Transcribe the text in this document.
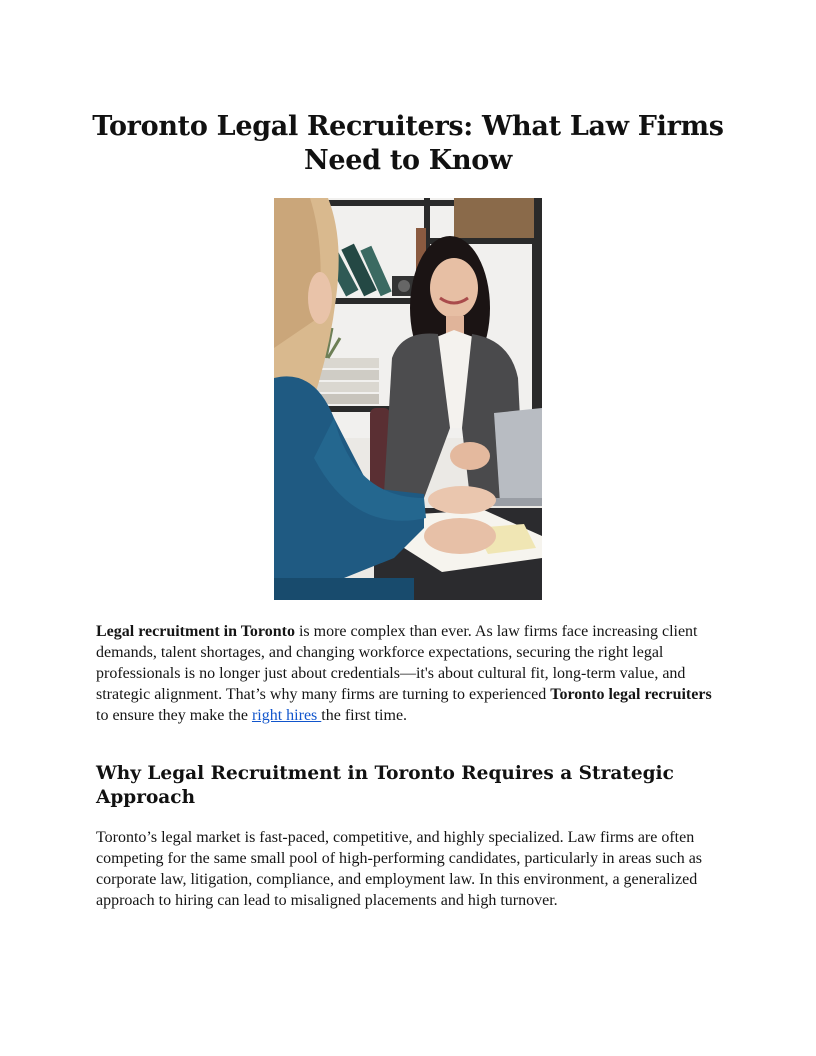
Toronto Legal Recruiters: What Law Firms Need to Know

Legal recruitment in Toronto is more complex than ever. As law firms face increasing client demands, talent shortages, and changing workforce expectations, securing the right legal professionals is no longer just about credentials—it's about cultural fit, long-term value, and strategic alignment. That’s why many firms are turning to experienced Toronto legal recruiters to ensure they make the right hires the first time.

Why Legal Recruitment in Toronto Requires a Strategic Approach

Toronto’s legal market is fast-paced, competitive, and highly specialized. Law firms are often competing for the same small pool of high-performing candidates, particularly in areas such as corporate law, litigation, compliance, and employment law. In this environment, a generalized approach to hiring can lead to misaligned placements and high turnover.
